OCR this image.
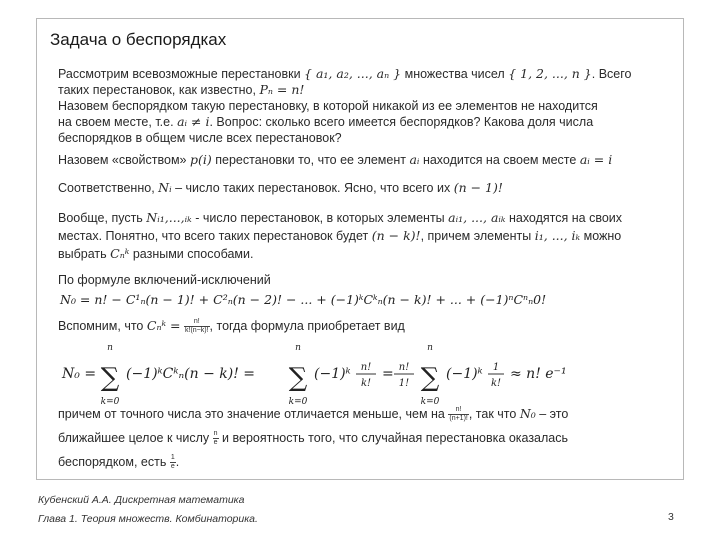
Задача о беспорядках
Рассмотрим всевозможные перестановки { a₁, a₂, ..., aₙ } множества чисел { 1, 2, ..., n }. Всего
таких перестановок, как известно, Pₙ = n!
Назовем беспорядком такую перестановку, в которой никакой из ее элементов не находится
на своем месте, т.е. aᵢ ≠ i. Вопрос: сколько всего имеется беспорядков? Какова доля числа
беспорядков в общем числе всех перестановок?
Назовем «свойством» p(i) перестановки то, что ее элемент aᵢ находится на своем месте aᵢ = i
Соответственно, Nᵢ – число таких перестановок. Ясно, что всего их (n − 1)!
Вообще, пусть Nᵢ₁,...,ᵢₖ - число перестановок, в которых элементы aᵢ₁, ..., aᵢₖ находятся на своих
местах. Понятно, что всего таких перестановок будет (n − k)!, причем элементы i₁, ..., iₖ можно
выбрать Cₙᵏ разными способами.
По формуле включений-исключений
N₀ = n! − C¹ₙ(n − 1)! + C²ₙ(n − 2)! − ... + (−1)ᵏCᵏₙ(n − k)! + ... + (−1)ⁿCⁿₙ0!
Вспомним, что Cₙᵏ = $\frac{n!}{k!(n-k)!}$ , тогда формула приобретает вид
N₀ =
n
∑
k=0
(−1)ᵏCᵏₙ(n − k)! =
n
∑
k=0
(−1)ᵏ n!
k!
= n!
1!
n
∑
k=0
(−1)ᵏ 1
k!
≈ n! e⁻¹
причем от точного числа это значение отличается меньше, чем на $\frac{n!}{(n+1)!}$ , так что N₀ – это
ближайшее целое к числу $\frac{n}{e}$ и вероятность того, что случайная перестановка оказалась
беспорядком, есть $\frac{1}{e}$ .
Кубенский А.А. Дискретная математика
Глава 1. Теория множеств. Комбинаторика.	3
